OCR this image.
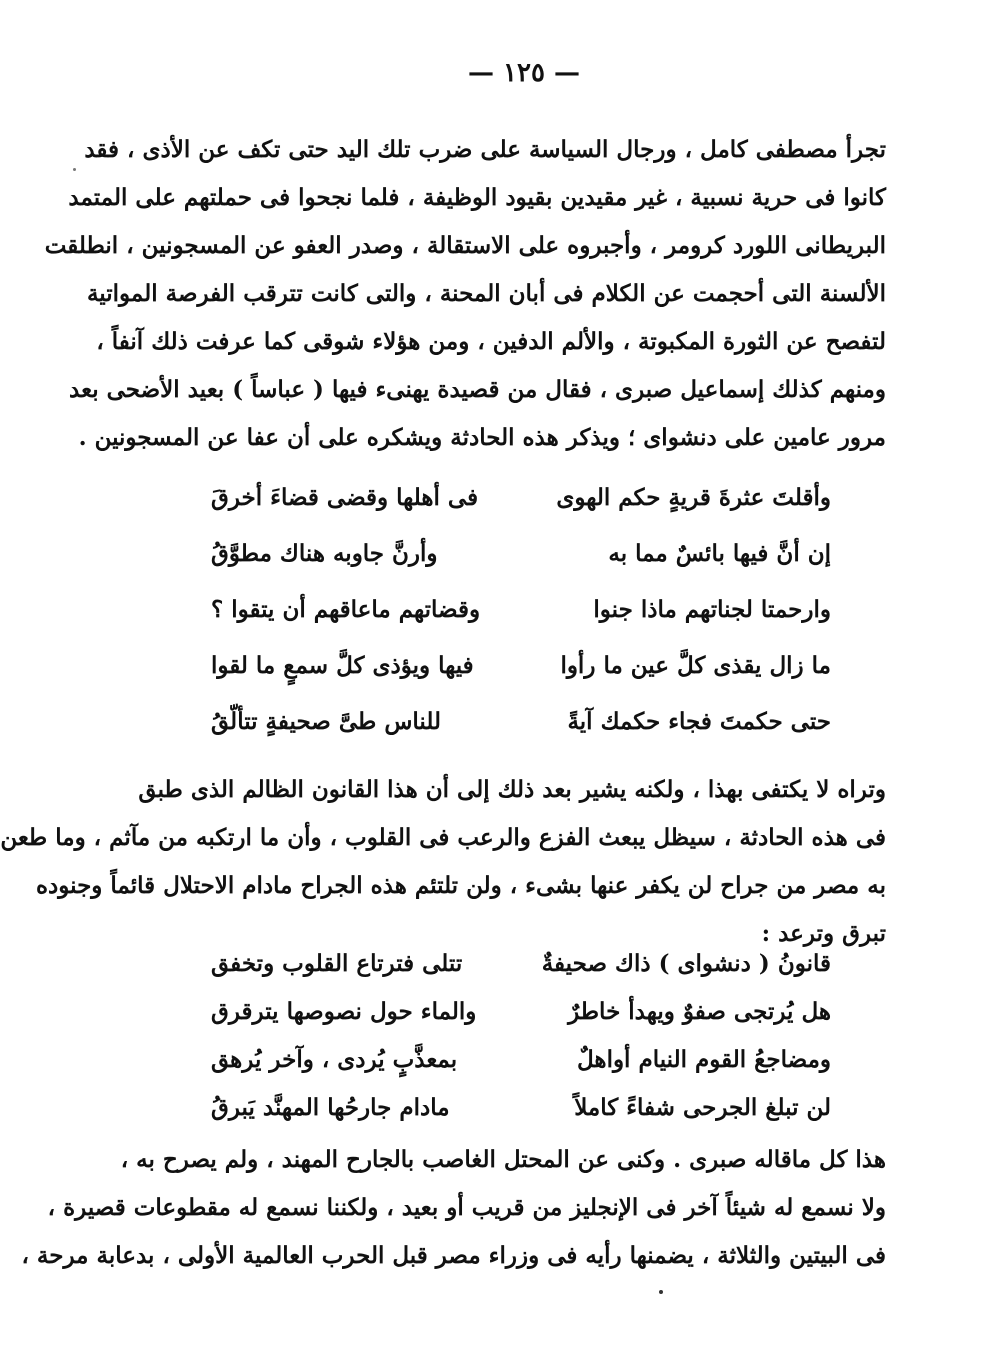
— ١٢٥ —
تجرأ مصطفى كامل ، ورجال السياسة على ضرب تلك اليد حتى تكف عن الأذى ، فقد
كانوا فى حرية نسبية ، غير مقيدين بقيود الوظيفة ، فلما نجحوا فى حملتهم على المتمد
البريطانى اللورد كرومر ، وأجبروه على الاستقالة ، وصدر العفو عن المسجونين ، انطلقت
الألسنة التى أحجمت عن الكلام فى أبان المحنة ، والتى كانت تترقب الفرصة المواتية
لتفصح عن الثورة المكبوتة ، والألم الدفين ، ومن هؤلاء شوقى كما عرفت ذلك آنفاً ،
ومنهم كذلك إسماعيل صبرى ، فقال من قصيدة يهنىء فيها ( عباساً ) بعيد الأضحى بعد
مرور عامين على دنشواى ؛ ويذكر هذه الحادثة ويشكره على أن عفا عن المسجونين .
وأقلتَ عثرةَ قريةٍ حكم الهوى
فى أهلها وقضى قضاءَ أخرقَ
إن أنَّ فيها بائسٌ مما به
وأرنَّ جاوبه هناك مطوَّقُ
وارحمتا لجناتهم ماذا جنوا
وقضاتهم ماعاقهم أن يتقوا ؟
ما زال يقذى كلَّ عين ما رأوا
فيها ويؤذى كلَّ سمعٍ ما لقوا
حتى حكمتَ فجاء حكمك آيةً
للناس طىَّ صحيفةٍ تتألّقُ
وتراه لا يكتفى بهذا ، ولكنه يشير بعد ذلك إلى أن هذا القانون الظالم الذى طبق
فى هذه الحادثة ، سيظل يبعث الفزع والرعب فى القلوب ، وأن ما ارتكبه من مآثم ، وما طعن
به مصر من جراح لن يكفر عنها بشىء ، ولن تلتئم هذه الجراح مادام الاحتلال قائماً وجنوده
تبرق وترعد :
قانونُ ( دنشواى ) ذاك صحيفةٌ
تتلى فترتاع القلوب وتخفق
هل يُرتجى صفوٌ ويهدأ خاطرٌ
والماء حول نصوصها يترقرق
ومضاجعُ القوم النيام أواهلٌ
بمعذَّبٍ يُردى ، وآخر يُرهق
لن تبلغ الجرحى شفاءً كاملاً
مادام جارحُها المهنَّد يَبرقُ
هذا كل ماقاله صبرى . وكنى عن المحتل الغاصب بالجارح المهند ، ولم يصرح به ،
ولا نسمع له شيئاً آخر فى الإنجليز من قريب أو بعيد ، ولكننا نسمع له مقطوعات قصيرة ،
فى البيتين والثلاثة ، يضمنها رأيه فى وزراء مصر قبل الحرب العالمية الأولى ، بدعابة مرحة ،
